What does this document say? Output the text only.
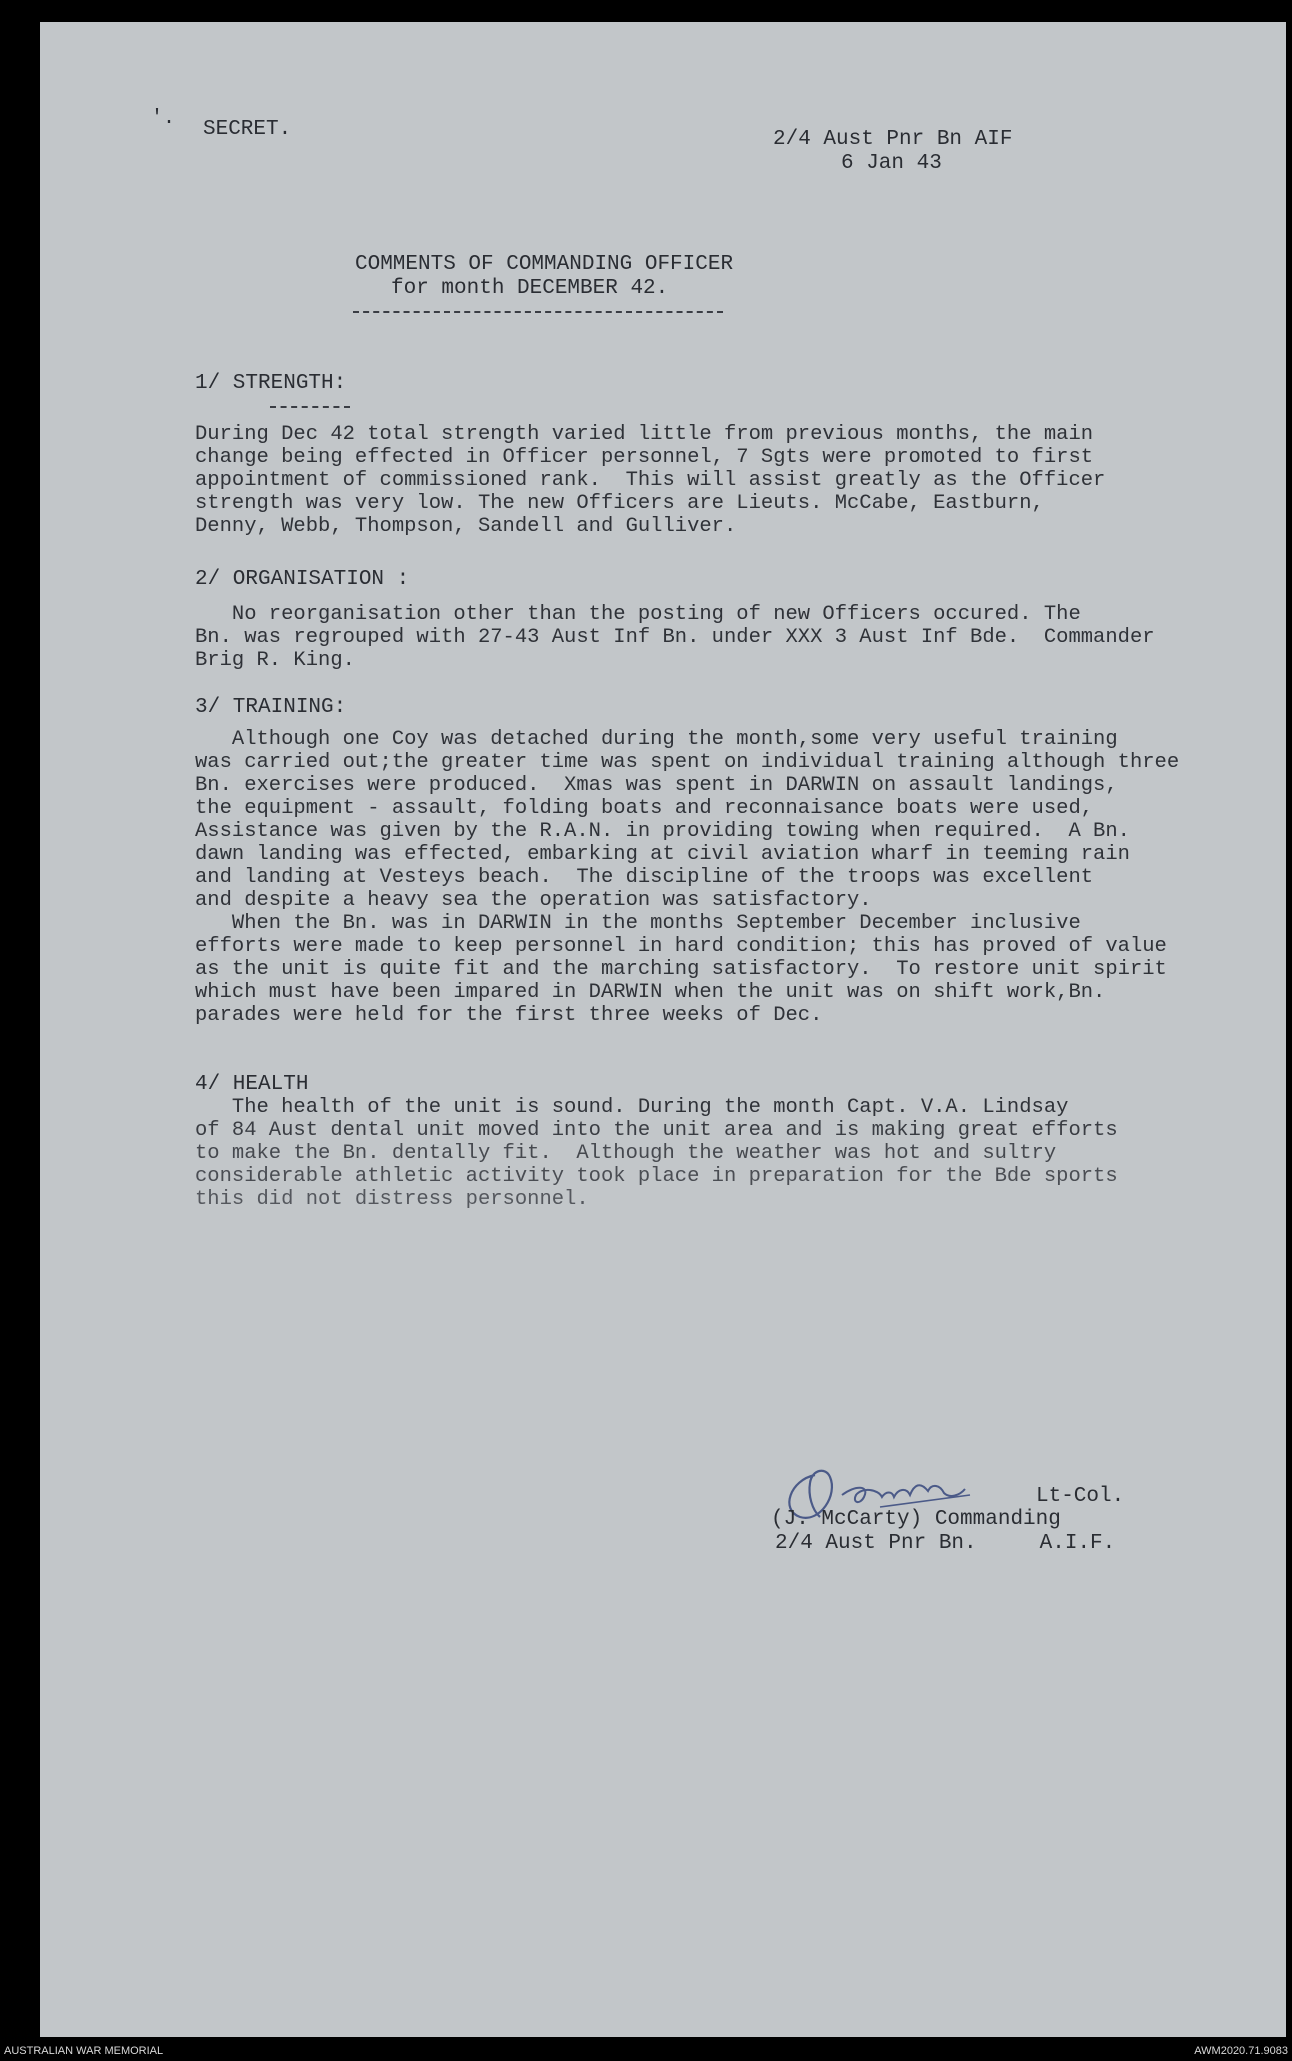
'. SECRET.	2/4 Aust Pnr Bn AIF
6 Jan 43
COMMENTS OF COMMANDING OFFICER
for month DECEMBER 42.
1/ STRENGTH:
During Dec 42 total strength varied little from previous months, the main
change being effected in Officer personnel, 7 Sgts were promoted to first
appointment of commissioned rank.  This will assist greatly as the Officer
strength was very low. The new Officers are Lieuts. McCabe, Eastburn,
Denny, Webb, Thompson, Sandell and Gulliver.
2/ ORGANISATION :
No reorganisation other than the posting of new Officers occured. The
Bn. was regrouped with 27-43 Aust Inf Bn. under XXX 3 Aust Inf Bde.  Commander
Brig R. King.
3/ TRAINING:
Although one Coy was detached during the month,some very useful training
was carried out;the greater time was spent on individual training although three
Bn. exercises were produced.  Xmas was spent in DARWIN on assault landings,
the equipment - assault, folding boats and reconnaisance boats were used,
Assistance was given by the R.A.N. in providing towing when required.  A Bn.
dawn landing was effected, embarking at civil aviation wharf in teeming rain
and landing at Vesteys beach.  The discipline of the troops was excellent
and despite a heavy sea the operation was satisfactory.
When the Bn. was in DARWIN in the months September December inclusive
efforts were made to keep personnel in hard condition; this has proved of value
as the unit is quite fit and the marching satisfactory.  To restore unit spirit
which must have been impared in DARWIN when the unit was on shift work,Bn.
parades were held for the first three weeks of Dec.
4/ HEALTH
The health of the unit is sound. During the month Capt. V.A. Lindsay
of 84 Aust dental unit moved into the unit area and is making great efforts
to make the Bn. dentally fit.  Although the weather was hot and sultry
considerable athletic activity took place in preparation for the Bde sports
this did not distress personnel.
Lt-Col.
(J. McCarty) Commanding
2/4 Aust Pnr Bn.     A.I.F.
AUSTRALIAN WAR MEMORIAL	AWM2020.71.9083
